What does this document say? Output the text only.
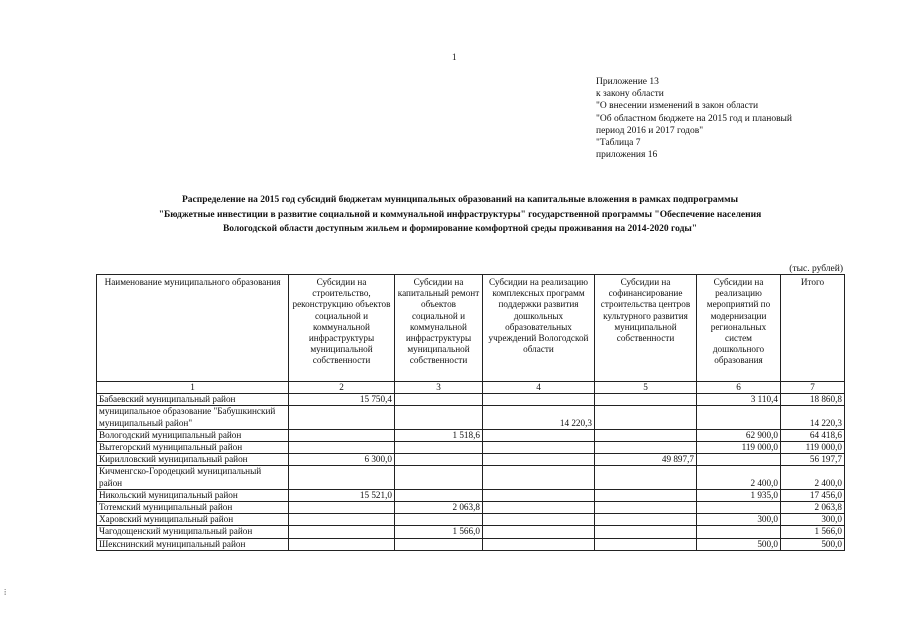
1
Приложение 13
к закону области
"О внесении изменений в закон области
"Об областном бюджете на 2015 год и плановый
период 2016 и 2017 годов"
"Таблица 7
приложения 16
Распределение на 2015 год субсидий бюджетам муниципальных образований на капитальные вложения в рамках подпрограммы
"Бюджетные инвестиции в развитие социальной и коммунальной инфраструктуры" государственной программы "Обеспечение населения
Вологодской области доступным жильем и формирование комфортной среды проживания на 2014-2020 годы"
(тыс. рублей)
Наименование муниципального образования	Субсидии на строительство, реконструкцию объектов социальной и коммунальной инфраструктуры муниципальной собственности	Субсидии на капитальный ремонт объектов социальной и коммунальной инфраструктуры муниципальной собственности	Субсидии на реализацию комплексных программ поддержки развития дошкольных образовательных учреждений Вологодской области	Субсидии на софинансирование строительства центров культурного развития муниципальной собственности	Субсидии на реализацию мероприятий по модернизации региональных систем дошкольного образования	Итого
1	2	3	4	5	6	7
Бабаевский муниципальный район	15 750,4				3 110,4	18 860,8
муниципальное образование "Бабушкинский муниципальный район"			14 220,3			14 220,3
Вологодский муниципальный район		1 518,6			62 900,0	64 418,6
Вытегорский муниципальный район					119 000,0	119 000,0
Кирилловский муниципальный район	6 300,0			49 897,7		56 197,7
Кичменгско-Городецкий муниципальный район					2 400,0	2 400,0
Никольский муниципальный район	15 521,0				1 935,0	17 456,0
Тотемский муниципальный район		2 063,8				2 063,8
Харовский муниципальный район					300,0	300,0
Чагодощенский муниципальный район		1 566,0				1 566,0
Шекснинский муниципальный район					500,0	500,0
⁞
